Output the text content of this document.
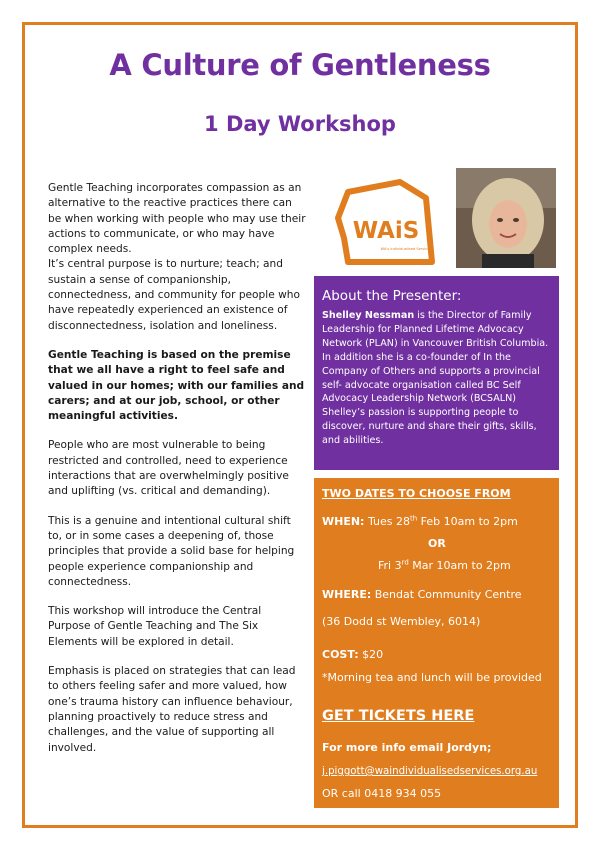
A Culture of Gentleness
1 Day Workshop

Gentle Teaching incorporates compassion as an alternative to the reactive practices there can be when working with people who may use their actions to communicate, or who may have complex needs.

It’s central purpose is to nurture; teach; and sustain a sense of companionship, connectedness, and community for people who have repeatedly experienced an existence of disconnectedness, isolation and loneliness.

Gentle Teaching is based on the premise that we all have a right to feel safe and valued in our homes; with our families and carers; and at our job, school, or other meaningful activities.

People who are most vulnerable to being restricted and controlled, need to experience interactions that are overwhelmingly positive and uplifting (vs. critical and demanding).

This is a genuine and intentional cultural shift to, or in some cases a deepening of, those principles that provide a solid base for helping people experience companionship and connectedness.

This workshop will introduce the Central Purpose of Gentle Teaching and The Six Elements will be explored in detail.

Emphasis is placed on strategies that can lead to others feeling safer and more valued, how one’s trauma history can influence behaviour, planning proactively to reduce stress and challenges, and the value of supporting all involved.

WAiS
WA's Individualised Services
About the Presenter:
Shelley Nessman is the Director of Family Leadership for Planned Lifetime Advocacy Network (PLAN) in Vancouver British Columbia. In addition she is a co-founder of In the Company of Others and supports a provincial self- advocate organisation called BC Self Advocacy Leadership Network (BCSALN) Shelley’s passion is supporting people to discover, nurture and share their gifts, skills, and abilities.
TWO DATES TO CHOOSE FROM
WHEN: Tues 28th Feb 10am to 2pm
OR
Fri 3rd Mar 10am to 2pm
WHERE: Bendat Community Centre
(36 Dodd st Wembley, 6014)
COST: $20
*Morning tea and lunch will be provided
GET TICKETS HERE
For more info email Jordyn;
j.piggott@waindividualisedservices.org.au
OR call 0418 934 055
